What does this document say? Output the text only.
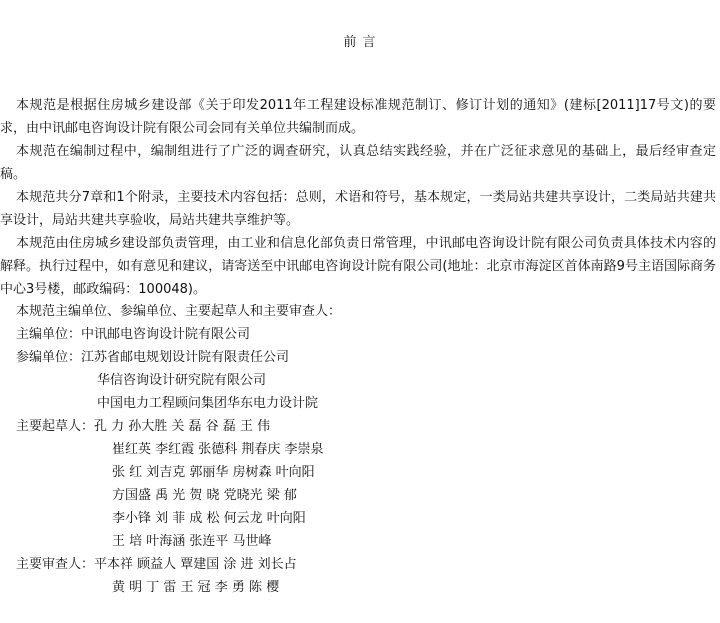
前 言

本规范是根据住房城乡建设部《关于印发2011年工程建设标准规范制订、修订计划的通知》(建标[2011]17号文)的要求，由中讯邮电咨询设计院有限公司会同有关单位共编制而成。

本规范在编制过程中，编制组进行了广泛的调查研究，认真总结实践经验，并在广泛征求意见的基础上，最后经审查定稿。

本规范共分7章和1个附录，主要技术内容包括：总则，术语和符号，基本规定，一类局站共建共享设计，二类局站共建共享设计，局站共建共享验收，局站共建共享维护等。

本规范由住房城乡建设部负责管理，由工业和信息化部负责日常管理，中讯邮电咨询设计院有限公司负责具体技术内容的解释。执行过程中，如有意见和建议，请寄送至中讯邮电咨询设计院有限公司(地址：北京市海淀区首体南路9号主语国际商务中心3号楼，邮政编码：100048)。

本规范主编单位、参编单位、主要起草人和主要审查人：
主编单位：中讯邮电咨询设计院有限公司
参编单位：江苏省邮电规划设计院有限责任公司
华信咨询设计研究院有限公司
中国电力工程顾问集团华东电力设计院
主要起草人：孔 力 孙大胜 关 磊 谷 磊 王 伟
崔红英 李红霞 张德科 荆春庆 李崇泉
张 红 刘吉克 郭丽华 房树森 叶向阳
方国盛 禹 光 贺 晓 党晓光 梁 郁
李小锋 刘 菲 成 松 何云龙 叶向阳
王 培 叶海涵 张连平 马世峰
主要审查人：平本祥 顾益人 覃建国 涂 进 刘长占
黄 明 丁 雷 王 冠 李 勇 陈 樱
